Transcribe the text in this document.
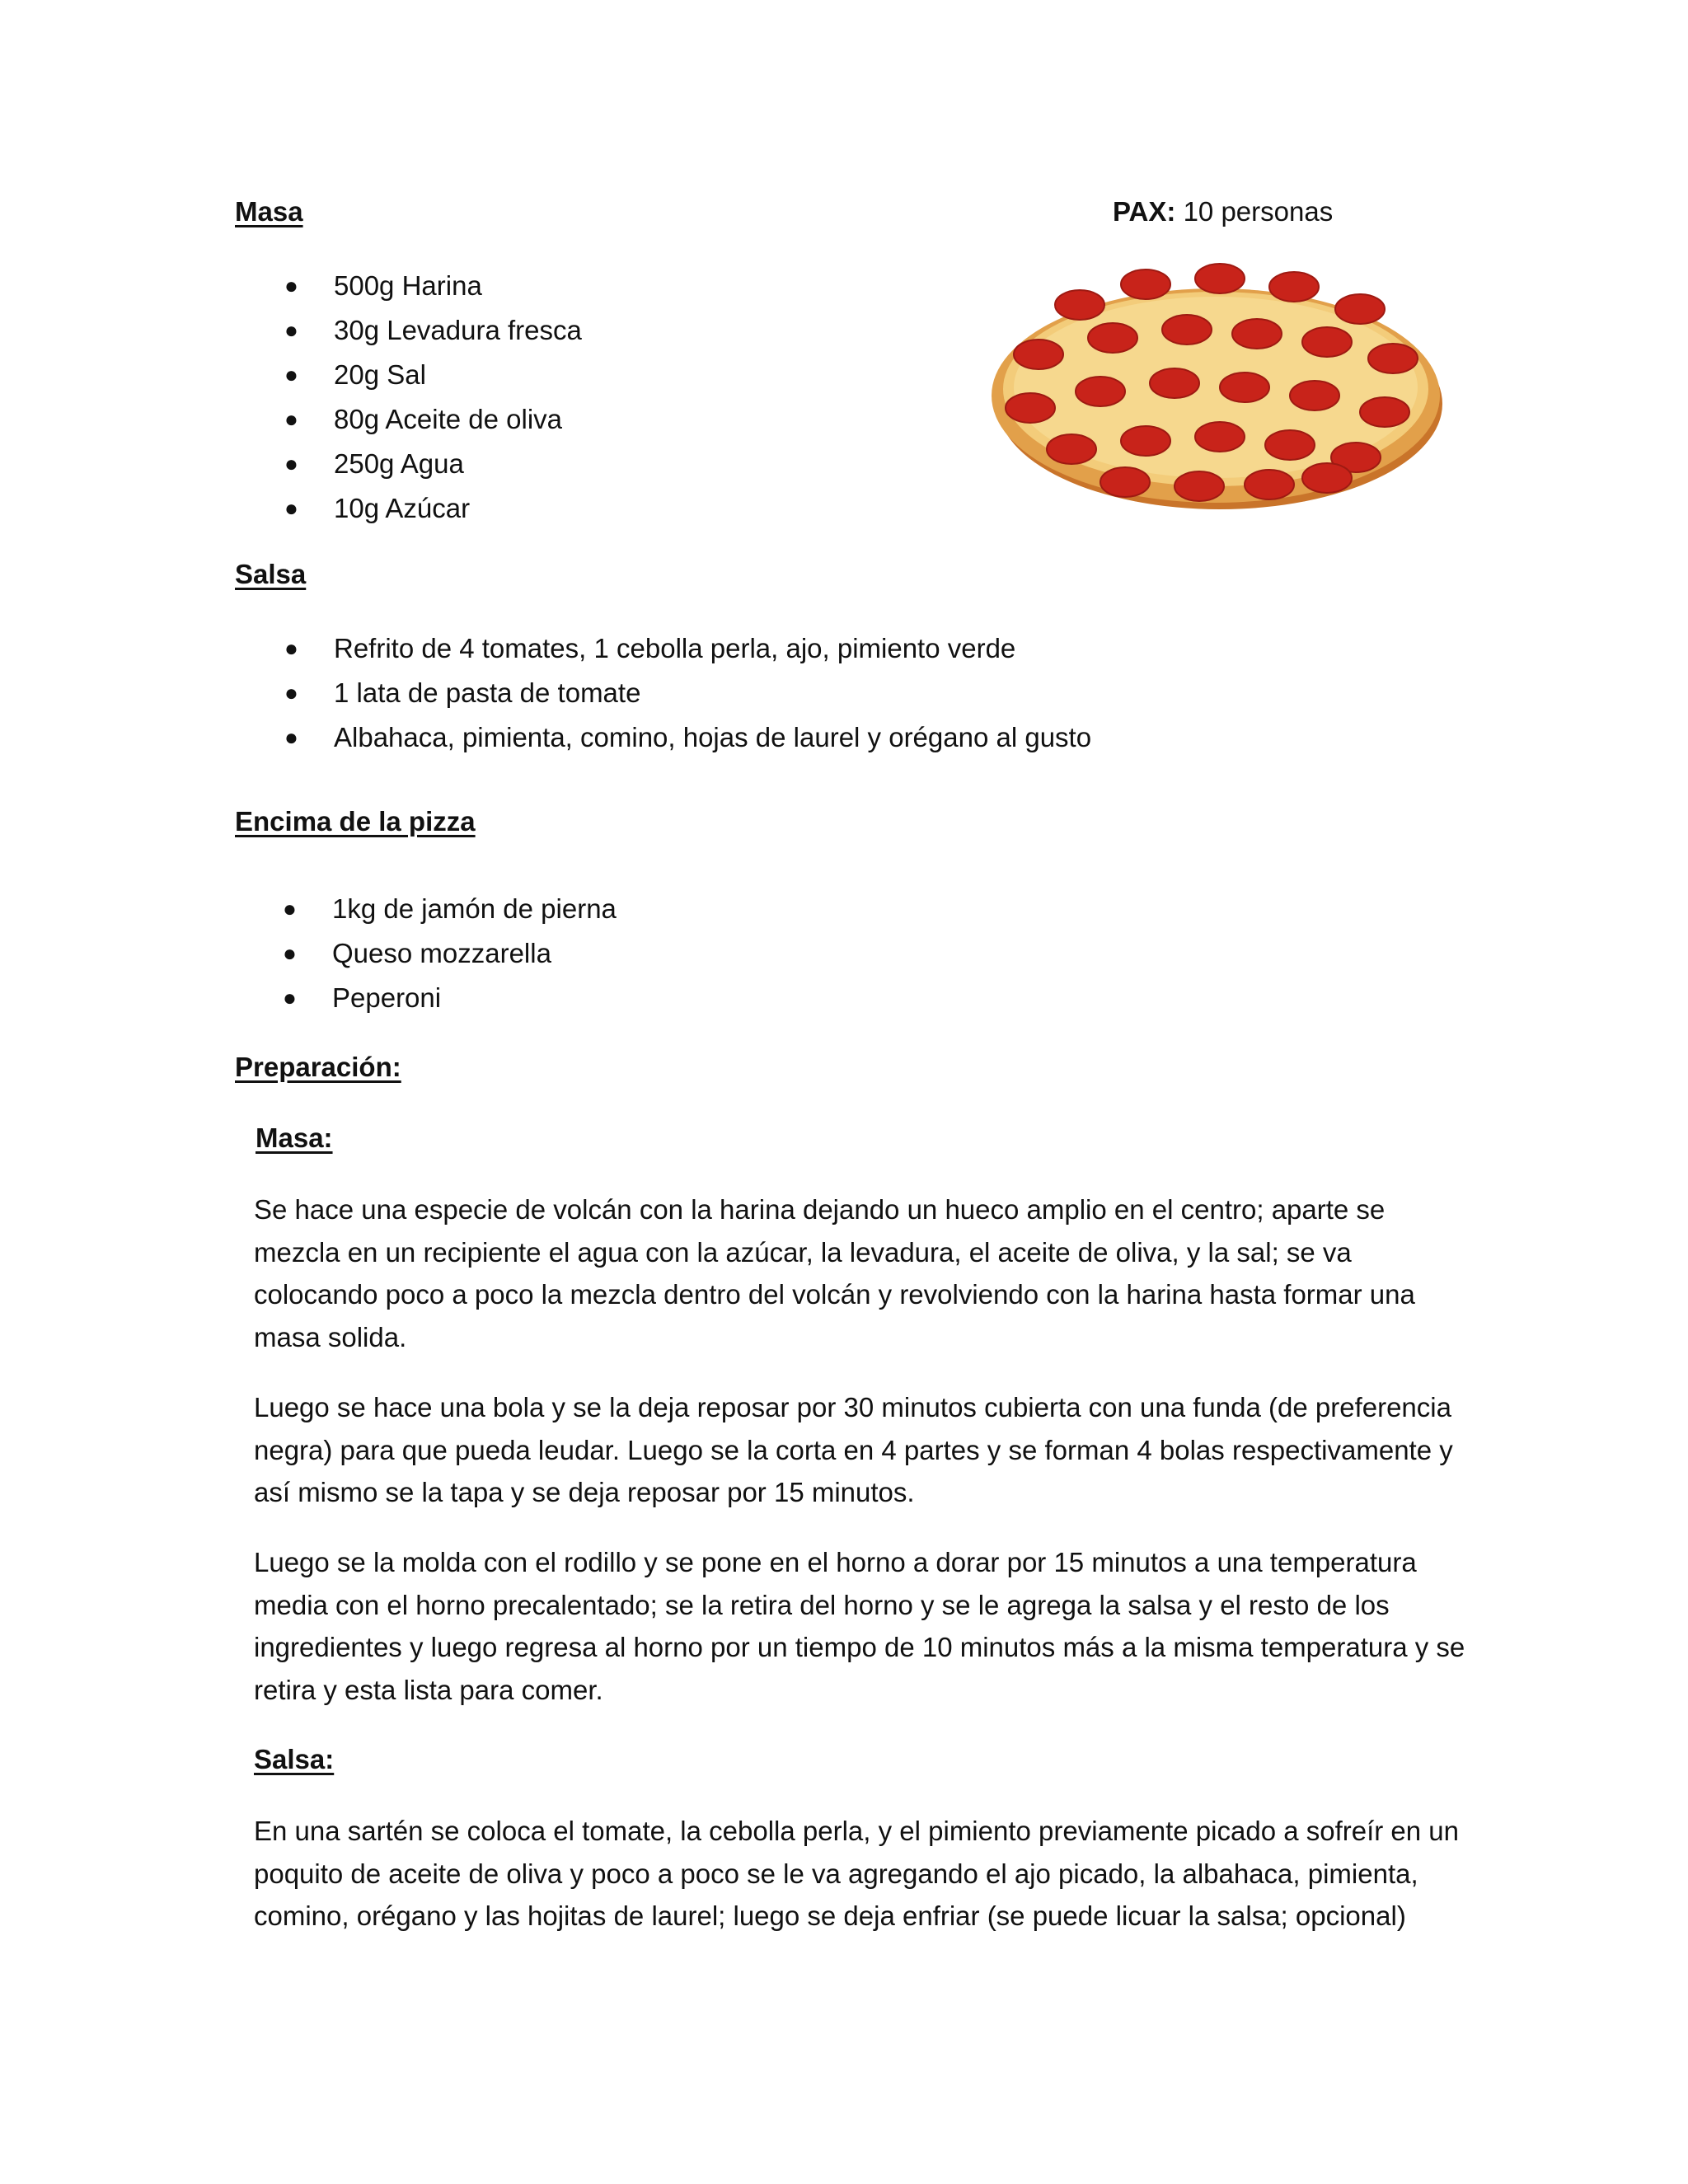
Masa	PAX: 10 personas
● 500g Harina
● 30g Levadura fresca
● 20g Sal
● 80g Aceite de oliva
● 250g Agua
● 10g Azúcar
Salsa
● Refrito de 4 tomates, 1 cebolla perla, ajo, pimiento verde
● 1 lata de pasta de tomate
● Albahaca, pimienta, comino, hojas de laurel y orégano al gusto
Encima de la pizza
● 1kg de jamón de pierna
● Queso mozzarella
● Peperoni
Preparación:
Masa:

Se hace una especie de volcán con la harina dejando un hueco amplio en el centro; aparte se mezcla en un recipiente el agua con la azúcar, la levadura, el aceite de oliva, y la sal; se va colocando poco a poco la mezcla dentro del volcán y revolviendo con la harina hasta formar una masa solida.

Luego se hace una bola y se la deja reposar por 30 minutos cubierta con una funda (de preferencia negra) para que pueda leudar. Luego se la corta en 4 partes y se forman 4 bolas respectivamente y así mismo se la tapa y se deja reposar por 15 minutos.

Luego se la molda con el rodillo y se pone en el horno a dorar por 15 minutos a una temperatura media con el horno precalentado; se la retira del horno y se le agrega la salsa y el resto de los ingredientes y luego regresa al horno por un tiempo de 10 minutos más a la misma temperatura y se retira y esta lista para comer.

Salsa:

En una sartén se coloca el tomate, la cebolla perla, y el pimiento previamente picado a sofreír en un poquito de aceite de oliva y poco a poco se le va agregando el ajo picado, la albahaca, pimienta, comino, orégano y las hojitas de laurel; luego se deja enfriar (se puede licuar la salsa; opcional)
